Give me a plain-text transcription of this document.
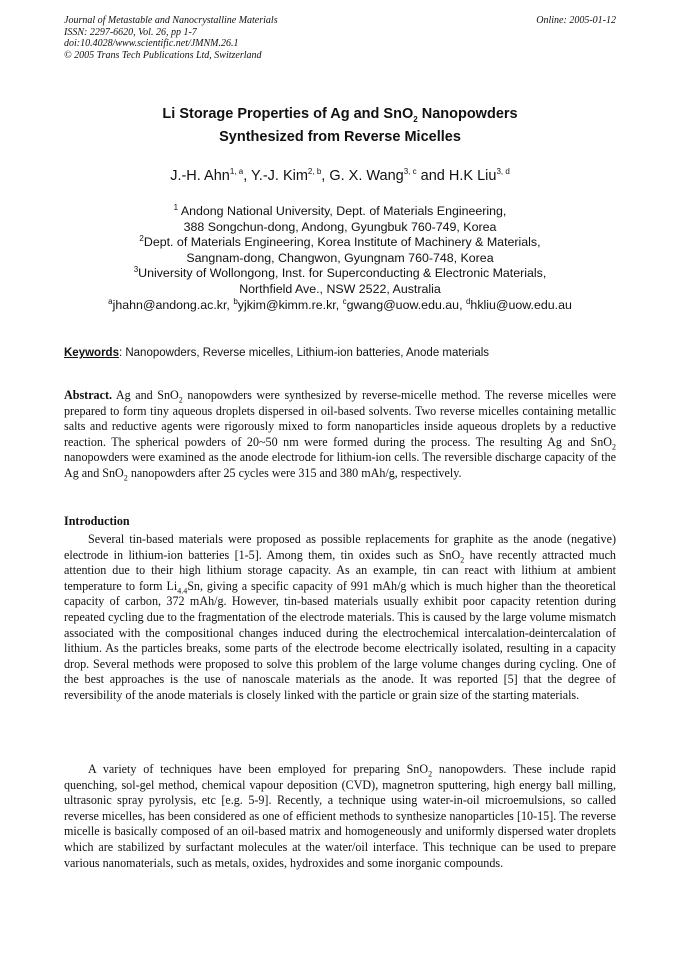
Journal of Metastable and Nanocrystalline Materials
ISSN: 2297-6620, Vol. 26, pp 1-7
doi:10.4028/www.scientific.net/JMNM.26.1
© 2005 Trans Tech Publications Ltd, Switzerland
Online: 2005-01-12
Li Storage Properties of Ag and SnO$_2$ Nanopowders
Synthesized from Reverse Micelles
J.-H. Ahn$^{1, a}$, Y.-J. Kim$^{2, b}$, G. X. Wang$^{3, c}$ and H.K Liu$^{3, d}$
$^1$ Andong National University, Dept. of Materials Engineering,
388 Songchun-dong, Andong, Gyungbuk 760-749, Korea
$^2$Dept. of Materials Engineering, Korea Institute of Machinery & Materials,
Sangnam-dong, Changwon, Gyungnam 760-748, Korea
$^3$University of Wollongong, Inst. for Superconducting & Electronic Materials,
Northfield Ave., NSW 2522, Australia
$^a$jhahn@andong.ac.kr, $^b$yjkim@kimm.re.kr, $^c$gwang@uow.edu.au, $^d$hkliu@uow.edu.au
Keywords: Nanopowders, Reverse micelles, Lithium-ion batteries, Anode materials
Abstract. Ag and SnO$_2$ nanopowders were synthesized by reverse-micelle method. The reverse micelles were prepared to form tiny aqueous droplets dispersed in oil-based solvents. Two reverse micelles containing metallic salts and reductive agents were rigorously mixed to form nanoparticles inside aqueous droplets by a reductive reaction. The spherical powders of 20~50 nm were formed during the process. The resulting Ag and SnO$_2$ nanopowders were examined as the anode electrode for lithium-ion cells. The reversible discharge capacity of the Ag and SnO$_2$ nanopowders after 25 cycles were 315 and 380 mAh/g, respectively.
Introduction
Several tin-based materials were proposed as possible replacements for graphite as the anode (negative) electrode in lithium-ion batteries [1-5]. Among them, tin oxides such as SnO$_2$ have recently attracted much attention due to their high lithium storage capacity. As an example, tin can react with lithium at ambient temperature to form $Li_{4.4}Sn$, giving a specific capacity of 991 mAh/g which is much higher than the theoretical capacity of carbon, 372 mAh/g. However, tin-based materials usually exhibit poor capacity retention during repeated cycling due to the fragmentation of the electrode materials. This is caused by the large volume mismatch associated with the compositional changes induced during the electrochemical intercalation-deintercalation of lithium. As the particles breaks, some parts of the electrode become electrically isolated, resulting in a capacity drop. Several methods were proposed to solve this problem of the large volume changes during cycling. One of the best approaches is the use of nanoscale materials as the anode. It was reported [5] that the degree of reversibility of the anode materials is closely linked with the particle or grain size of the starting materials.
A variety of techniques have been employed for preparing SnO$_2$ nanopowders. These include rapid quenching, sol-gel method, chemical vapour deposition (CVD), magnetron sputtering, high energy ball milling, ultrasonic spray pyrolysis, etc [e.g. 5-9]. Recently, a technique using water-in-oil microemulsions, so called reverse micelles, has been considered as one of efficient methods to synthesize nanoparticles [10-15]. The reverse micelle is basically composed of an oil-based matrix and homogeneously and uniformly dispersed water droplets which are stabilized by surfactant molecules at the water/oil interface. This technique can be used to prepare various nanomaterials, such as metals, oxides, hydroxides and some inorganic compounds.
